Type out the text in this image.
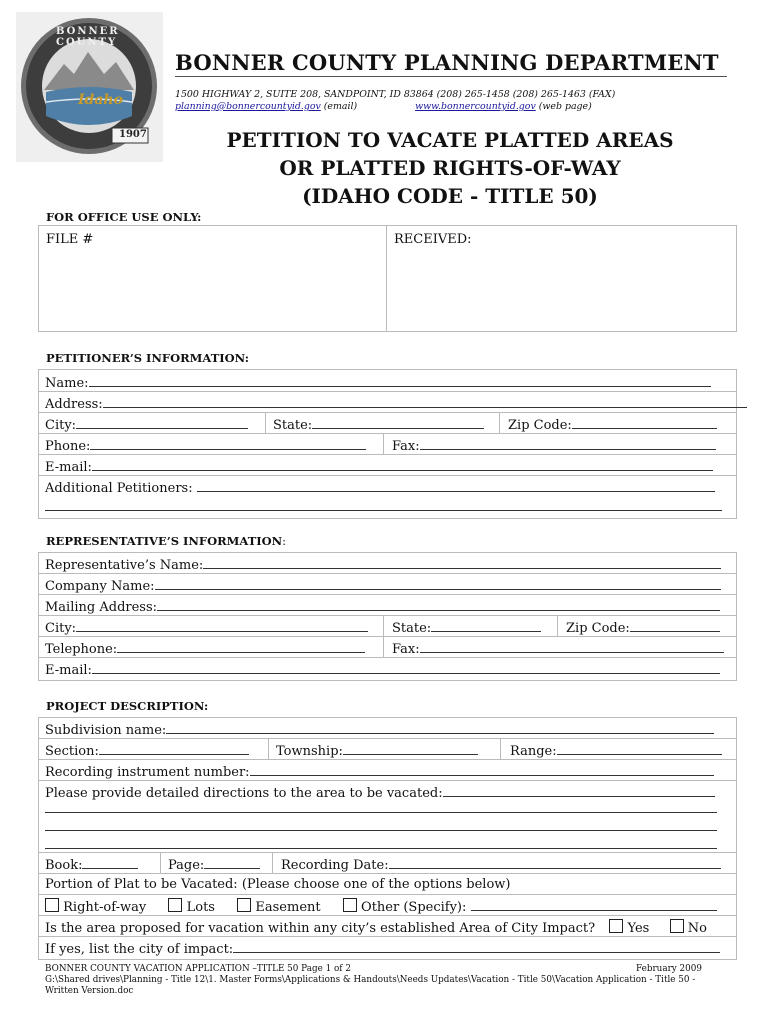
BONNER COUNTY
Idaho
1907
BONNER COUNTY PLANNING DEPARTMENT
1500 HIGHWAY 2, SUITE 208, SANDPOINT, ID 83864 (208) 265-1458 (208) 265-1463 (FAX)
planning@bonnercountyid.gov (email)	www.bonnercountyid.gov (web page)
PETITION TO VACATE PLATTED AREAS
OR PLATTED RIGHTS-OF-WAY
(IDAHO CODE - TITLE 50)
FOR OFFICE USE ONLY:
FILE #	RECEIVED:
PETITIONER’S INFORMATION:
Name:
Address:
City:	State:	Zip Code:
Phone:	Fax:
E-mail:
Additional Petitioners:
REPRESENTATIVE’S INFORMATION:
Representative’s Name:
Company Name:
Mailing Address:
City:	State:	Zip Code:
Telephone:	Fax:
E-mail:
PROJECT DESCRIPTION:
Subdivision name:
Section:	Township:	Range:
Recording instrument number:
Please provide detailed directions to the area to be vacated:
Book:	Page:	Recording Date:
Portion of Plat to be Vacated: (Please choose one of the options below)
Right-of-way	Lots	Easement	Other (Specify):
Is the area proposed for vacation within any city’s established Area of City Impact? Yes	No
If yes, list the city of impact:
BONNER COUNTY VACATION APPLICATION –TITLE 50 Page 1 of 2	February 2009
G:\Shared drives\Planning - Title 12\1. Master Forms\Applications & Handouts\Needs Updates\Vacation - Title 50\Vacation Application - Title 50 -
Written Version.doc
